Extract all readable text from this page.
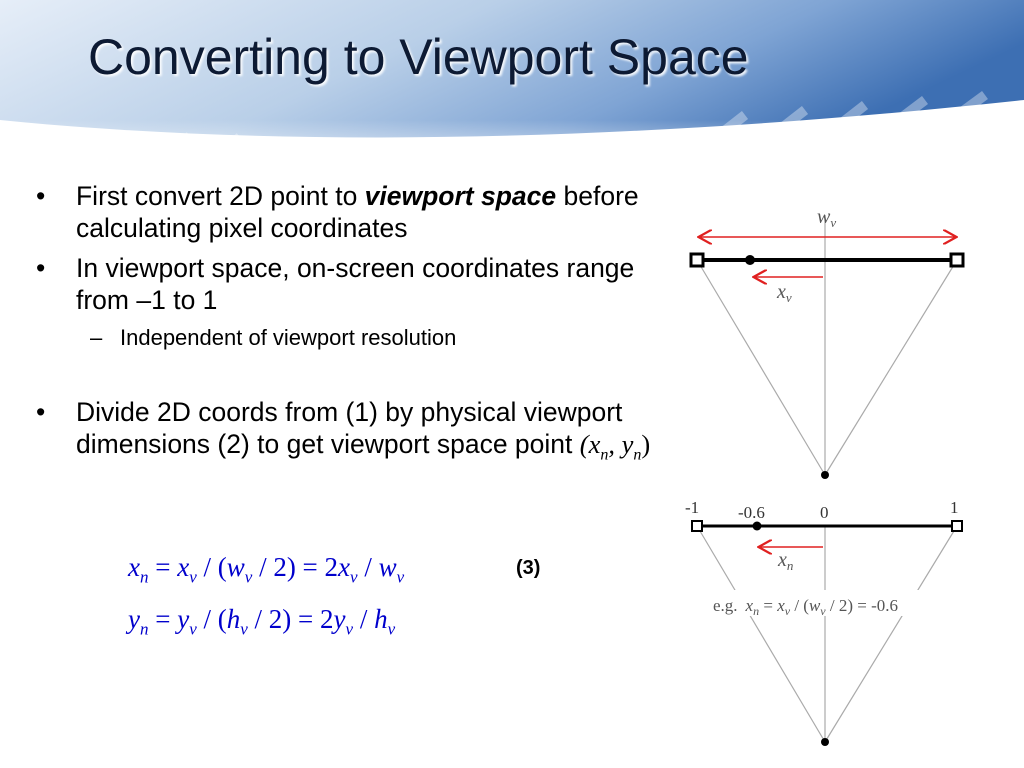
Converting to Viewport Space
• First convert 2D point to viewport space before calculating pixel coordinates
• In viewport space, on-screen coordinates range from –1 to 1
– Independent of viewport resolution
• Divide 2D coords from (1) by physical viewport dimensions (2) to get viewport space point ($x_n$, $y_n$)
$x_n = x_v / (w_v / 2) = 2x_v / w_v$	(3)
$y_n = y_v / (h_v / 2) = 2y_v / h_v$
$w_v$
$x_v$
-1 -0.6	0	1
$x_n$
e.g. $x_n = x_v / (w_v / 2) = -0.6$
